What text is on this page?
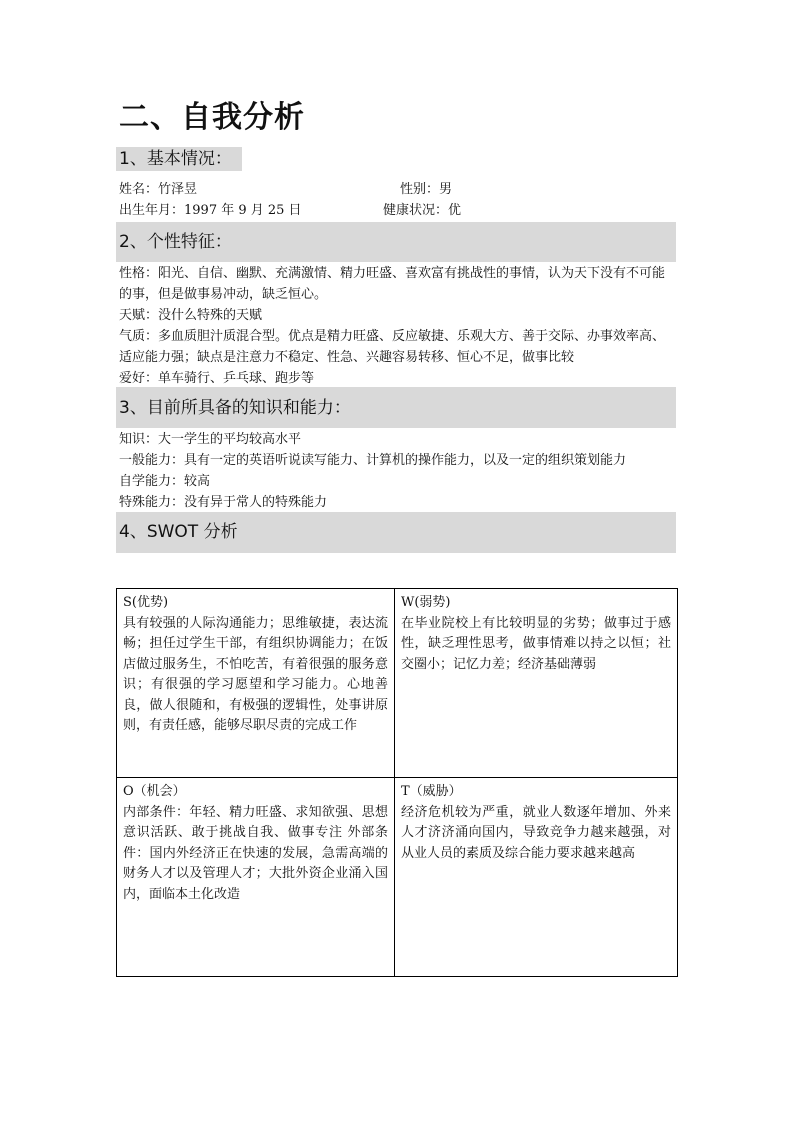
二、自我分析
1、基本情况：
姓名：竹泽昱	性别：男
出生年月：1997 年 9 月 25 日	健康状况：优
2、个性特征：

性格：阳光、自信、幽默、充满激情、精力旺盛、喜欢富有挑战性的事情，认为天下没有不可能的事，但是做事易冲动，缺乏恒心。

天赋：没什么特殊的天赋

气质：多血质胆汁质混合型。优点是精力旺盛、反应敏捷、乐观大方、善于交际、办事效率高、适应能力强；缺点是注意力不稳定、性急、兴趣容易转移、恒心不足，做事比较

爱好：单车骑行、乒乓球、跑步等

3、目前所具备的知识和能力：

知识：大一学生的平均较高水平

一般能力：具有一定的英语听说读写能力、计算机的操作能力，以及一定的组织策划能力

自学能力：较高

特殊能力：没有异于常人的特殊能力

4、SWOT 分析
S(优势)
具有较强的人际沟通能力；思维敏捷，表达流畅；担任过学生干部，有组织协调能力；在饭店做过服务生，不怕吃苦，有着很强的服务意识；有很强的学习愿望和学习能力。心地善良，做人很随和，有极强的逻辑性，处事讲原则，有责任感，能够尽职尽责的完成工作
W(弱势)
在毕业院校上有比较明显的劣势；做事过于感性，缺乏理性思考，做事情难以持之以恒；社交圈小；记忆力差；经济基础薄弱
O（机会）
内部条件：年轻、精力旺盛、求知欲强、思想意识活跃、敢于挑战自我、做事专注 外部条件：国内外经济正在快速的发展，急需高端的财务人才以及管理人才；大批外资企业涌入国内，面临本土化改造
T（威胁）
经济危机较为严重，就业人数逐年增加、外来人才济济涌向国内，导致竞争力越来越强，对从业人员的素质及综合能力要求越来越高
